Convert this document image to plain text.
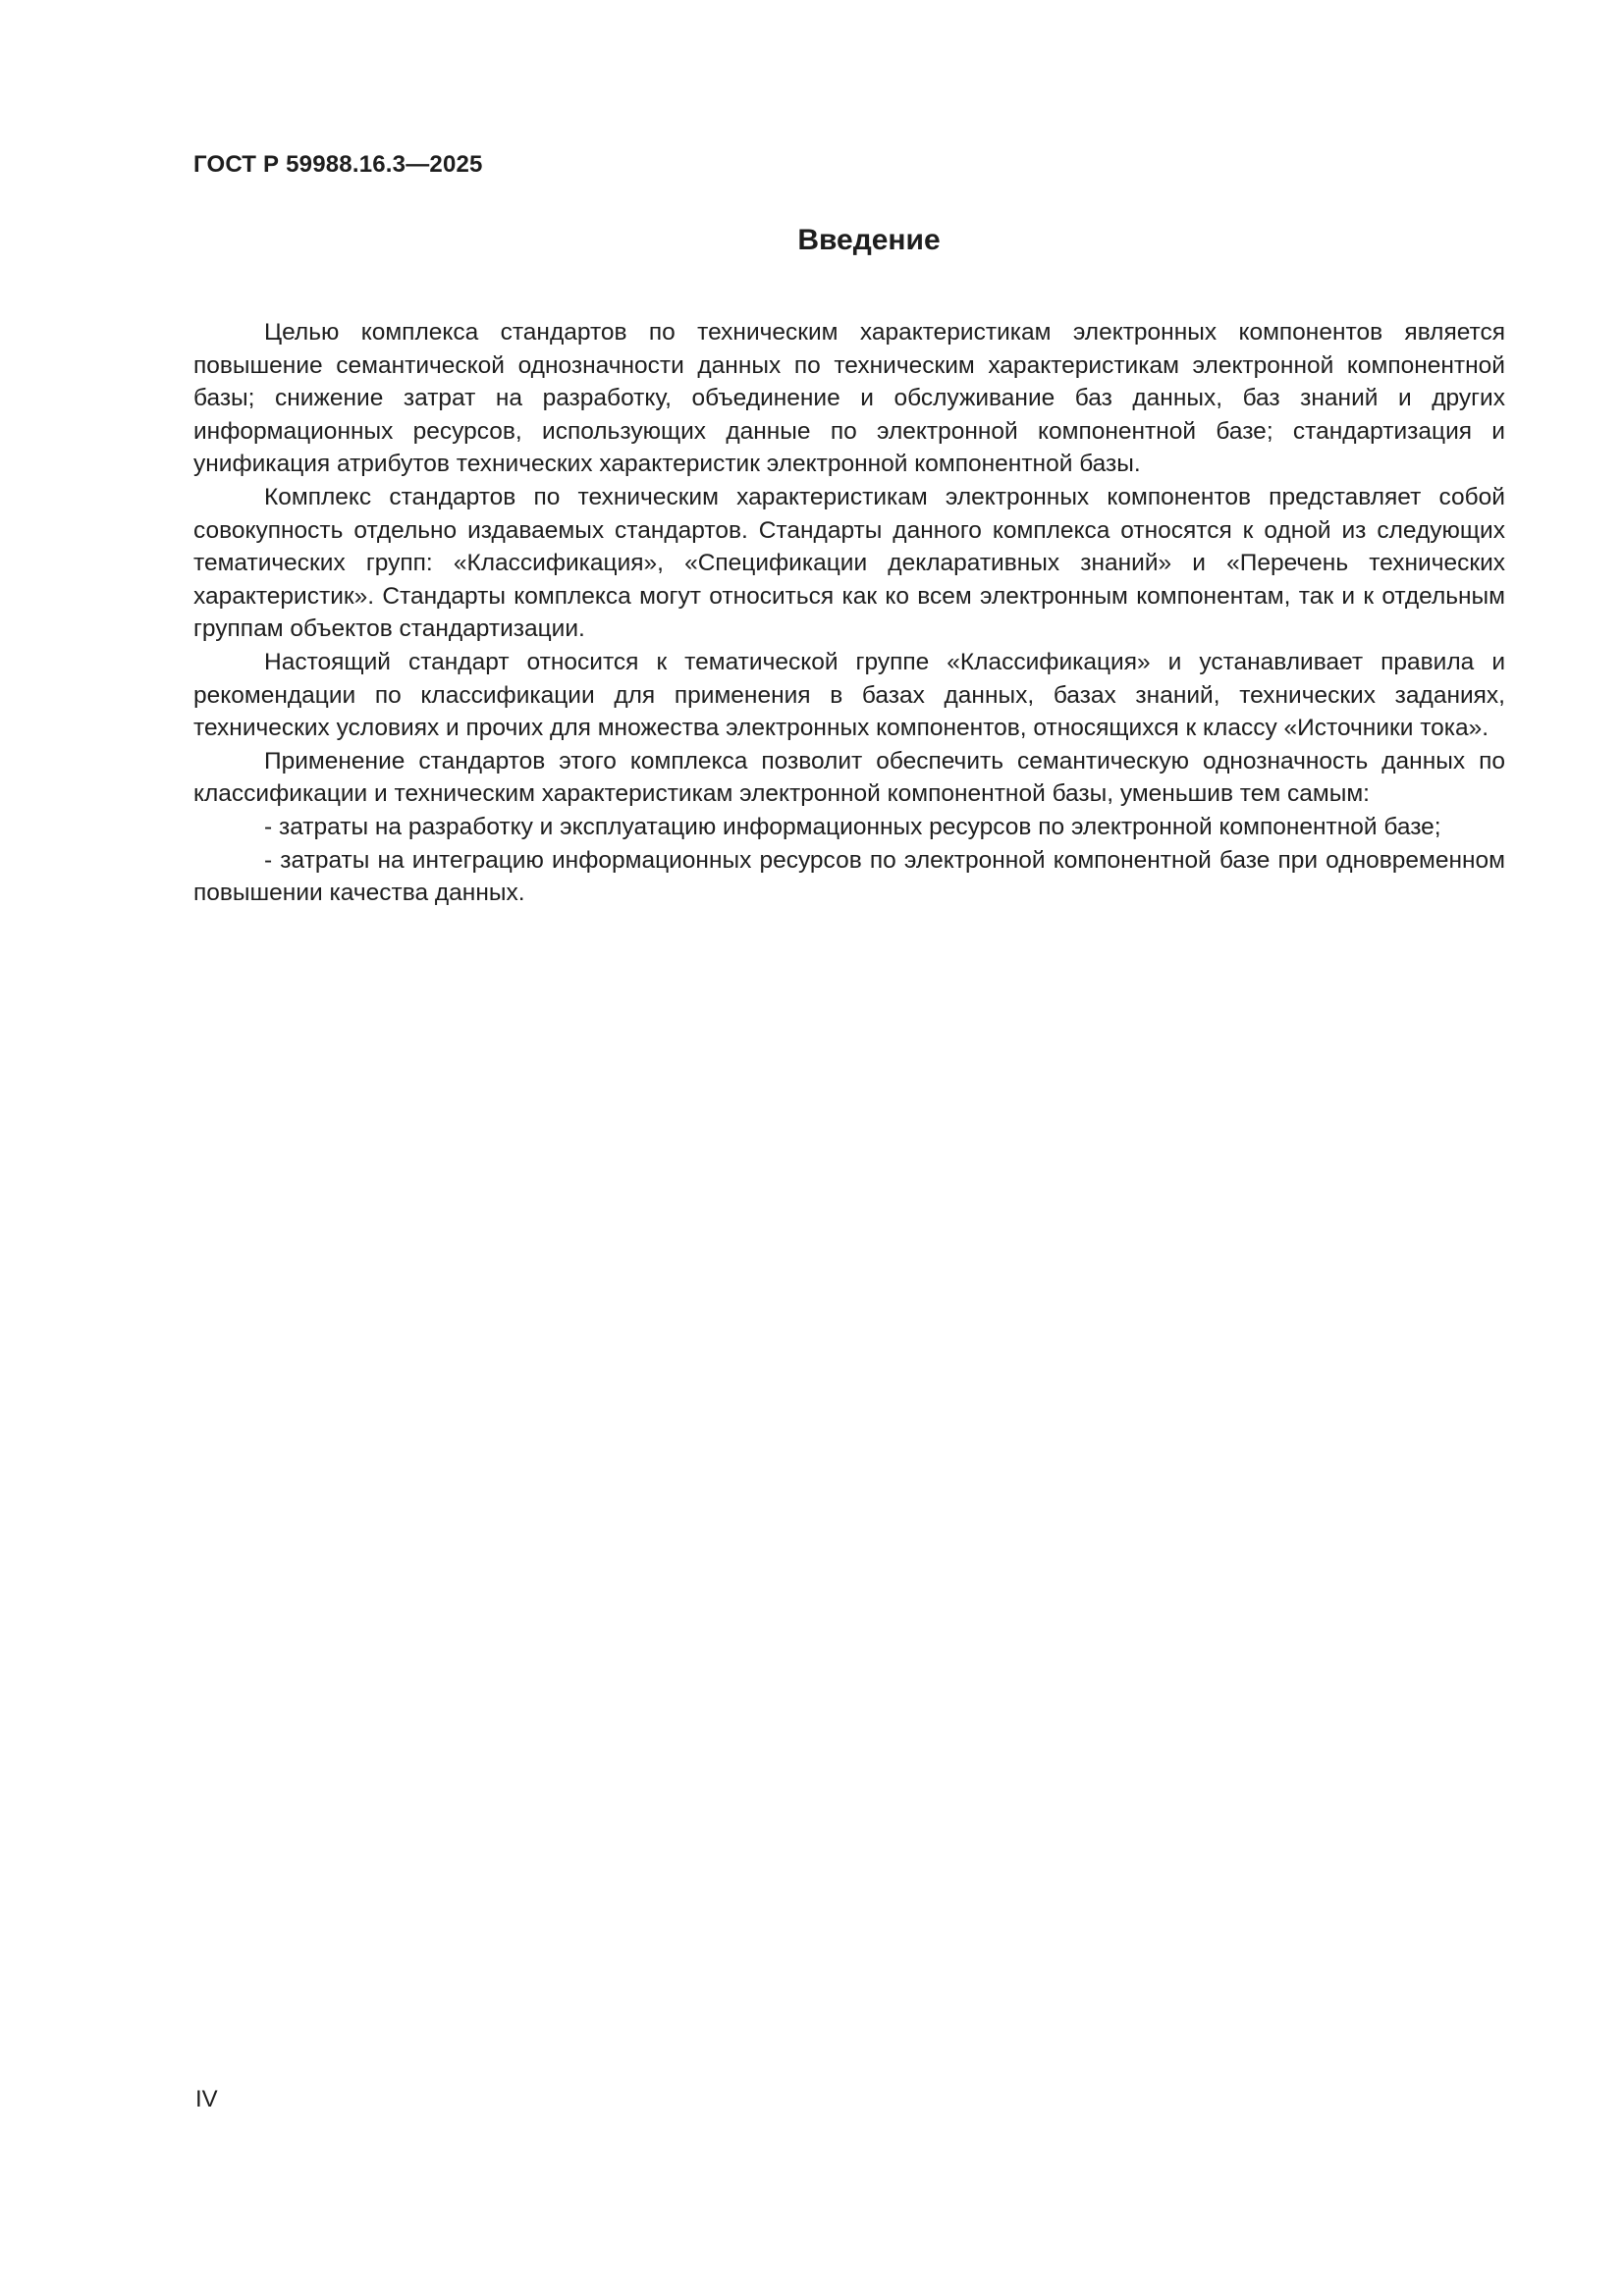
ГОСТ Р 59988.16.3—2025
Введение

Целью комплекса стандартов по техническим характеристикам электронных компонентов является повышение семантической однозначности данных по техническим характеристикам электронной компонентной базы; снижение затрат на разработку, объединение и обслуживание баз данных, баз знаний и других информационных ресурсов, использующих данные по электронной компонентной базе; стандартизация и унификация атрибутов технических характеристик электронной компонентной базы.

Комплекс стандартов по техническим характеристикам электронных компонентов представляет собой совокупность отдельно издаваемых стандартов. Стандарты данного комплекса относятся к одной из следующих тематических групп: «Классификация», «Спецификации декларативных знаний» и «Перечень технических характеристик». Стандарты комплекса могут относиться как ко всем электронным компонентам, так и к отдельным группам объектов стандартизации.

Настоящий стандарт относится к тематической группе «Классификация» и устанавливает правила и рекомендации по классификации для применения в базах данных, базах знаний, технических заданиях, технических условиях и прочих для множества электронных компонентов, относящихся к классу «Источники тока».

Применение стандартов этого комплекса позволит обеспечить семантическую однозначность данных по классификации и техническим характеристикам электронной компонентной базы, уменьшив тем самым:

- затраты на разработку и эксплуатацию информационных ресурсов по электронной компонентной базе;

- затраты на интеграцию информационных ресурсов по электронной компонентной базе при одновременном повышении качества данных.

IV
